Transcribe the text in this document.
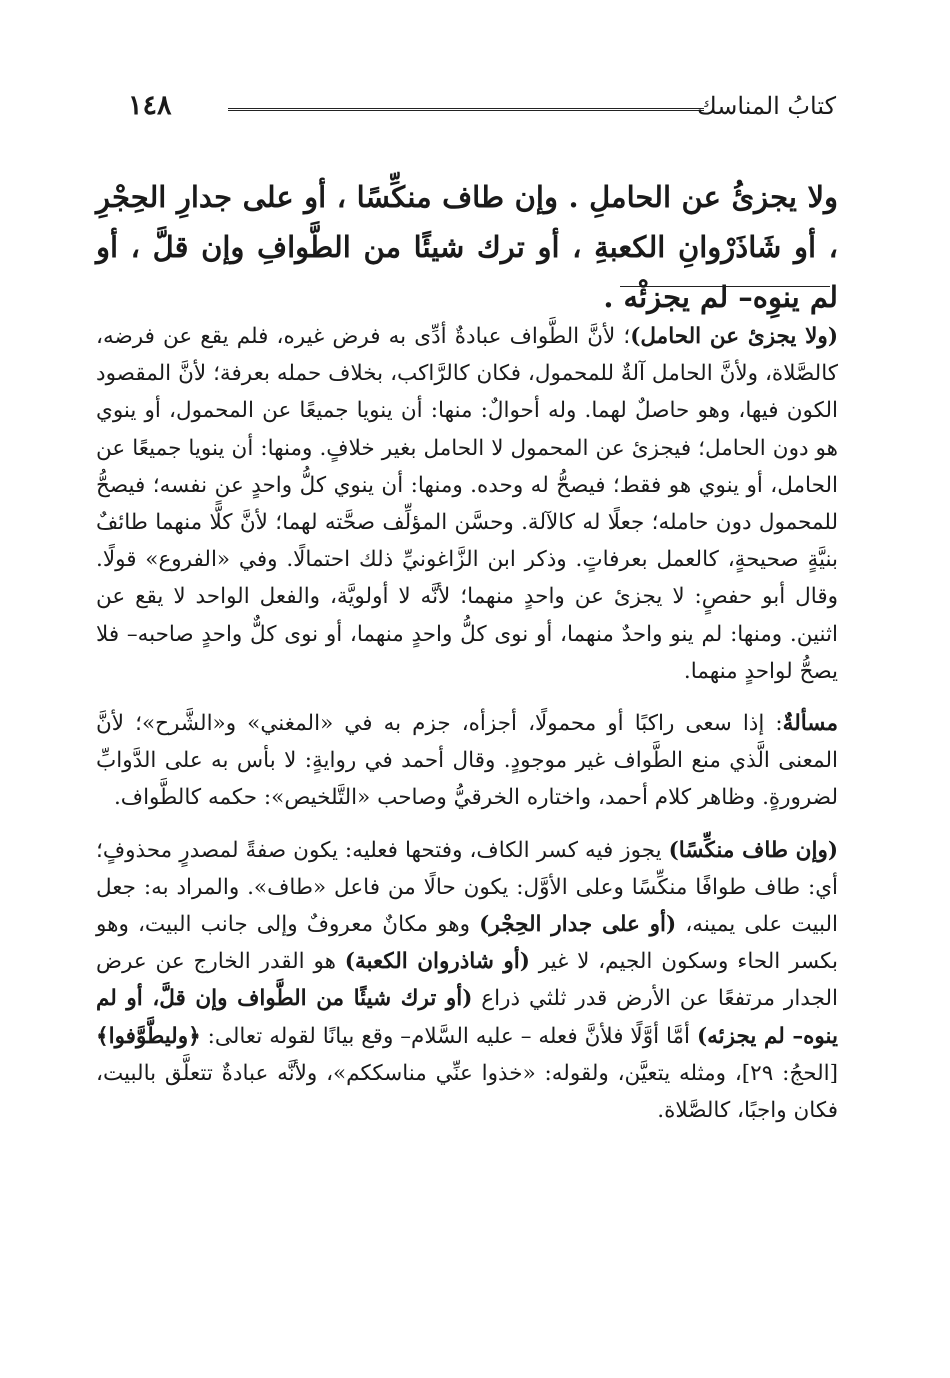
١٤٨	كتابُ المناسك
ولا يجزئُ عن الحاملِ . وإن طاف منكِّسًا ، أو على جدارِ الحِجْرِ ، أو شَاذَرْوانِ الكعبةِ ، أو ترك شيئًا من الطَّوافِ وإن قلَّ ، أو لم ينوِه– لم يجزئْه .

(ولا يجزئ عن الحامل)؛ لأنَّ الطَّواف عبادةٌ أدِّى به فرض غيره، فلم يقع عن فرضه، كالصَّلاة، ولأنَّ الحامل آلةٌ للمحمول، فكان كالرَّاكب، بخلاف حمله بعرفة؛ لأنَّ المقصود الكون فيها، وهو حاصلٌ لهما. وله أحوالٌ: منها: أن ينويا جميعًا عن المحمول، أو ينوي هو دون الحامل؛ فيجزئ عن المحمول لا الحامل بغير خلافٍ. ومنها: أن ينويا جميعًا عن الحامل، أو ينوي هو فقط؛ فيصحُّ له وحده. ومنها: أن ينوي كلُّ واحدٍ عن نفسه؛ فيصحُّ للمحمول دون حامله؛ جعلًا له كالآلة. وحسَّن المؤلِّف صحَّته لهما؛ لأنَّ كلًّا منهما طائفٌ بنيَّةٍ صحيحةٍ، كالعمل بعرفاتٍ. وذكر ابن الزَّاغونيِّ ذلك احتمالًا. وفي «الفروع» قولًا. وقال أبو حفصٍ: لا يجزئ عن واحدٍ منهما؛ لأنَّه لا أولويَّة، والفعل الواحد لا يقع عن اثنين. ومنها: لم ينو واحدٌ منهما، أو نوى كلُّ واحدٍ منهما، أو نوى كلٌّ واحدٍ صاحبه– فلا يصحُّ لواحدٍ منهما.

مسألةٌ: إذا سعى راكبًا أو محمولًا، أجزأه، جزم به في «المغني» و«الشَّرح»؛ لأنَّ المعنى الَّذي منع الطَّواف غير موجودٍ. وقال أحمد في روايةٍ: لا بأس به على الدَّوابِّ لضرورةٍ. وظاهر كلام أحمد، واختاره الخرقيُّ وصاحب «التَّلخيص»: حكمه كالطَّواف.

(وإن طاف منكِّسًا) يجوز فيه كسر الكاف، وفتحها فعليه: يكون صفةً لمصدرٍ محذوفٍ؛ أي: طاف طوافًا منكِّسًا وعلى الأوَّل: يكون حالًا من فاعل «طاف». والمراد به: جعل البيت على يمينه، (أو على جدار الحِجْر) وهو مكانٌ معروفٌ وإلى جانب البيت، وهو بكسر الحاء وسكون الجيم، لا غير (أو شاذروان الكعبة) هو القدر الخارج عن عرض الجدار مرتفعًا عن الأرض قدر ثلثي ذراع (أو ترك شيئًا من الطَّواف وإن قلَّ، أو لم ينوه– لم يجزئه) أمَّا أوَّلًا فلأنَّ فعله – عليه السَّلام– وقع بيانًا لقوله تعالى: ﴿وليطَّوَّفوا﴾ [الحجُ: ٢٩]، ومثله يتعيَّن، ولقوله: «خذوا عنِّي مناسككم»، ولأنَّه عبادةٌ تتعلَّق بالبيت، فكان واجبًا، كالصَّلاة.
